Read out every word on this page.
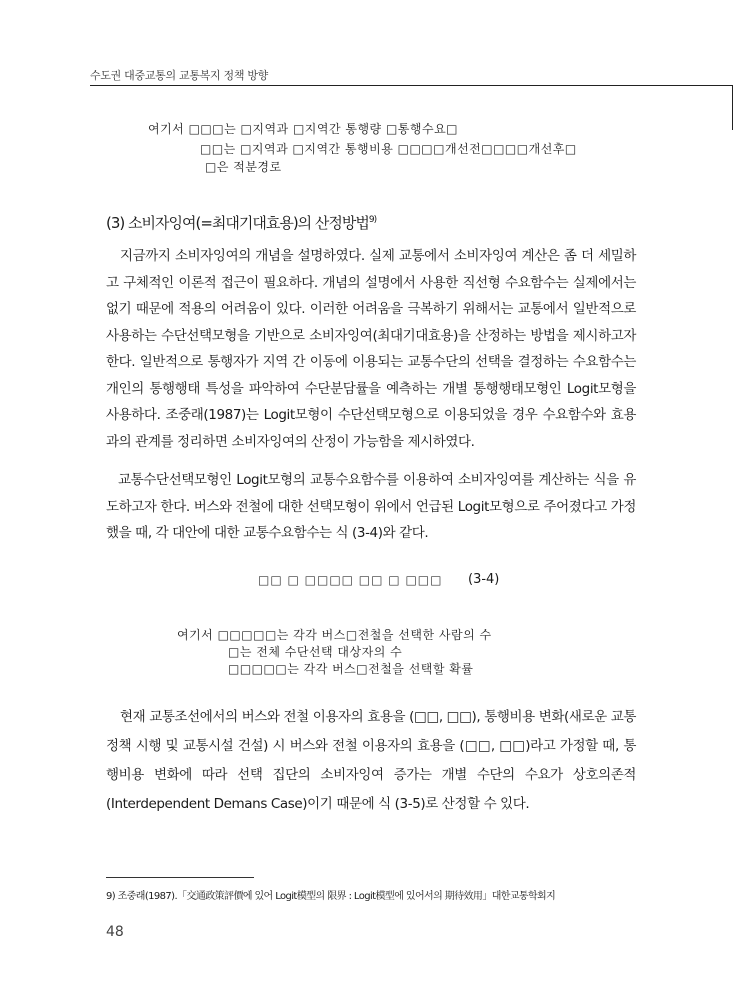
수도권 대중교통의 교통복지 정책 방향
여기서 □□□는 □지역과 □지역간 통행량 □통행수요□
□□는 □지역과 □지역간 통행비용 □□□□개선전□□□□개선후□
□은 적분경로
(3) 소비자잉여(=최대기대효용)의 산정방법$^{9)}$

지금까지 소비자잉여의 개념을 설명하였다. 실제 교통에서 소비자잉여 계산은 좀 더 세밀하고 구체적인 이론적 접근이 필요하다. 개념의 설명에서 사용한 직선형 수요함수는 실제에서는 없기 때문에 적용의 어려움이 있다. 이러한 어려움을 극복하기 위해서는 교통에서 일반적으로 사용하는 수단선택모형을 기반으로 소비자잉여(최대기대효용)을 산정하는 방법을 제시하고자 한다. 일반적으로 통행자가 지역 간 이동에 이용되는 교통수단의 선택을 결정하는 수요함수는 개인의 통행행태 특성을 파악하여 수단분담률을 예측하는 개별 통행행태모형인 Logit모형을 사용하다. 조중래(1987)는 Logit모형이 수단선택모형으로 이용되었을 경우 수요함수와 효용과의 관계를 정리하면 소비자잉여의 산정이 가능함을 제시하였다.

교통수단선택모형인 Logit모형의 교통수요함수를 이용하여 소비자잉여를 계산하는 식을 유도하고자 한다. 버스와 전철에 대한 선택모형이 위에서 언급된 Logit모형으로 주어졌다고 가정했을 때, 각 대안에 대한 교통수요함수는 식 (3-4)와 같다.

□□ □ □□□□ □□ □ □□□ (3-4)
여기서 □□□□□는 각각 버스□전철을 선택한 사람의 수
□는 전체 수단선택 대상자의 수
□□□□□는 각각 버스□전철을 선택할 확률

현재 교통조선에서의 버스와 전철 이용자의 효용을 (□□, □□), 통행비용 변화(새로운 교통정책 시행 및 교통시설 건설) 시 버스와 전철 이용자의 효용을 (□□, □□)라고 가정할 때, 통행비용 변화에 따라 선택 집단의 소비자잉여 증가는 개별 수단의 수요가 상호의존적(Interdependent Demans Case)이기 때문에 식 (3-5)로 산정할 수 있다.

9) 조중래(1987).「交通政策評價에 있어 Logit模型의 限界 : Logit模型에 있어서의 期待效用」대한교통학회지
48
